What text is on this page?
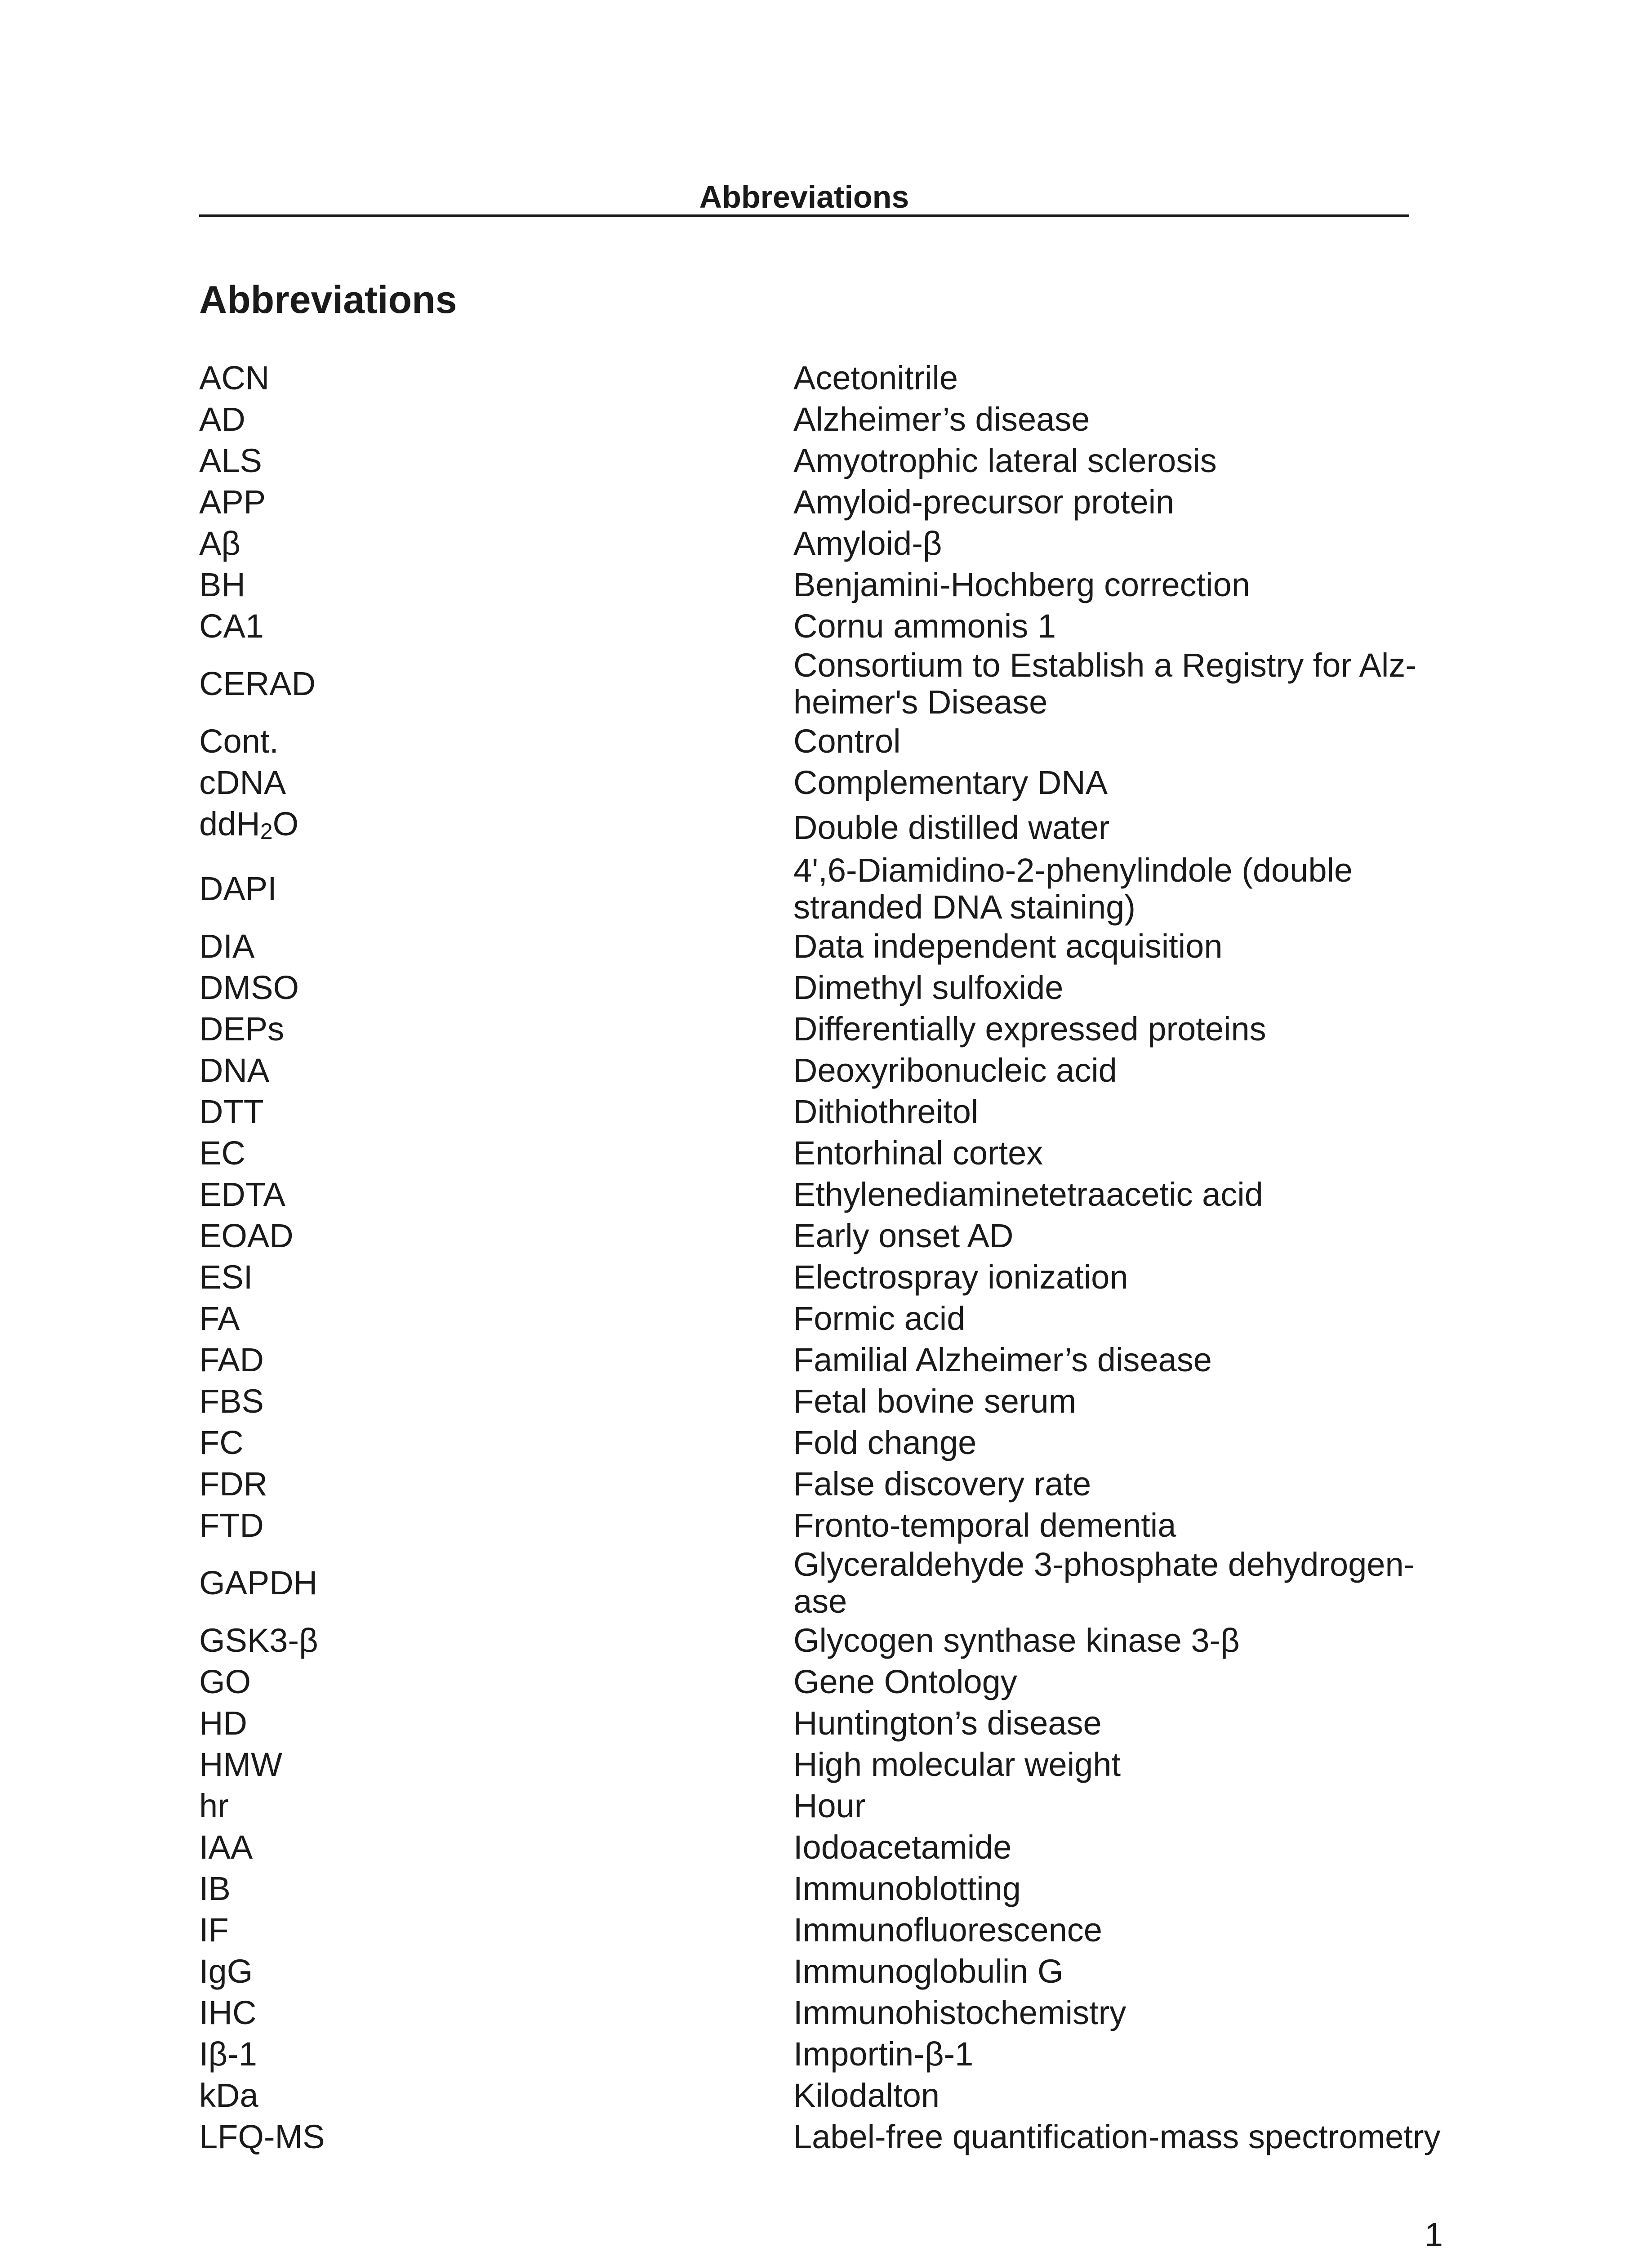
Abbreviations
Abbreviations
ACN	Acetonitrile
AD	Alzheimer’s disease
ALS	Amyotrophic lateral sclerosis
APP	Amyloid-precursor protein
Aβ	Amyloid-β
BH	Benjamini-Hochberg correction
CA1	Cornu ammonis 1
CERAD	Consortium to Establish a Registry for Alz-
heimer's Disease
Cont.	Control
cDNA	Complementary DNA
ddH2O	Double distilled water
DAPI	4',6-Diamidino-2-phenylindole (double
stranded DNA staining)
DIA	Data independent acquisition
DMSO	Dimethyl sulfoxide
DEPs	Differentially expressed proteins
DNA	Deoxyribonucleic acid
DTT	Dithiothreitol
EC	Entorhinal cortex
EDTA	Ethylenediaminetetraacetic acid
EOAD	Early onset AD
ESI	Electrospray ionization
FA	Formic acid
FAD	Familial Alzheimer’s disease
FBS	Fetal bovine serum
FC	Fold change
FDR	False discovery rate
FTD	Fronto-temporal dementia
GAPDH	Glyceraldehyde 3-phosphate dehydrogen-
ase
GSK3-β	Glycogen synthase kinase 3-β
GO	Gene Ontology
HD	Huntington’s disease
HMW	High molecular weight
hr	Hour
IAA	Iodoacetamide
IB	Immunoblotting
IF	Immunofluorescence
IgG	Immunoglobulin G
IHC	Immunohistochemistry
Iβ-1	Importin-β-1
kDa	Kilodalton
LFQ-MS	Label-free quantification-mass spectrometry
1
